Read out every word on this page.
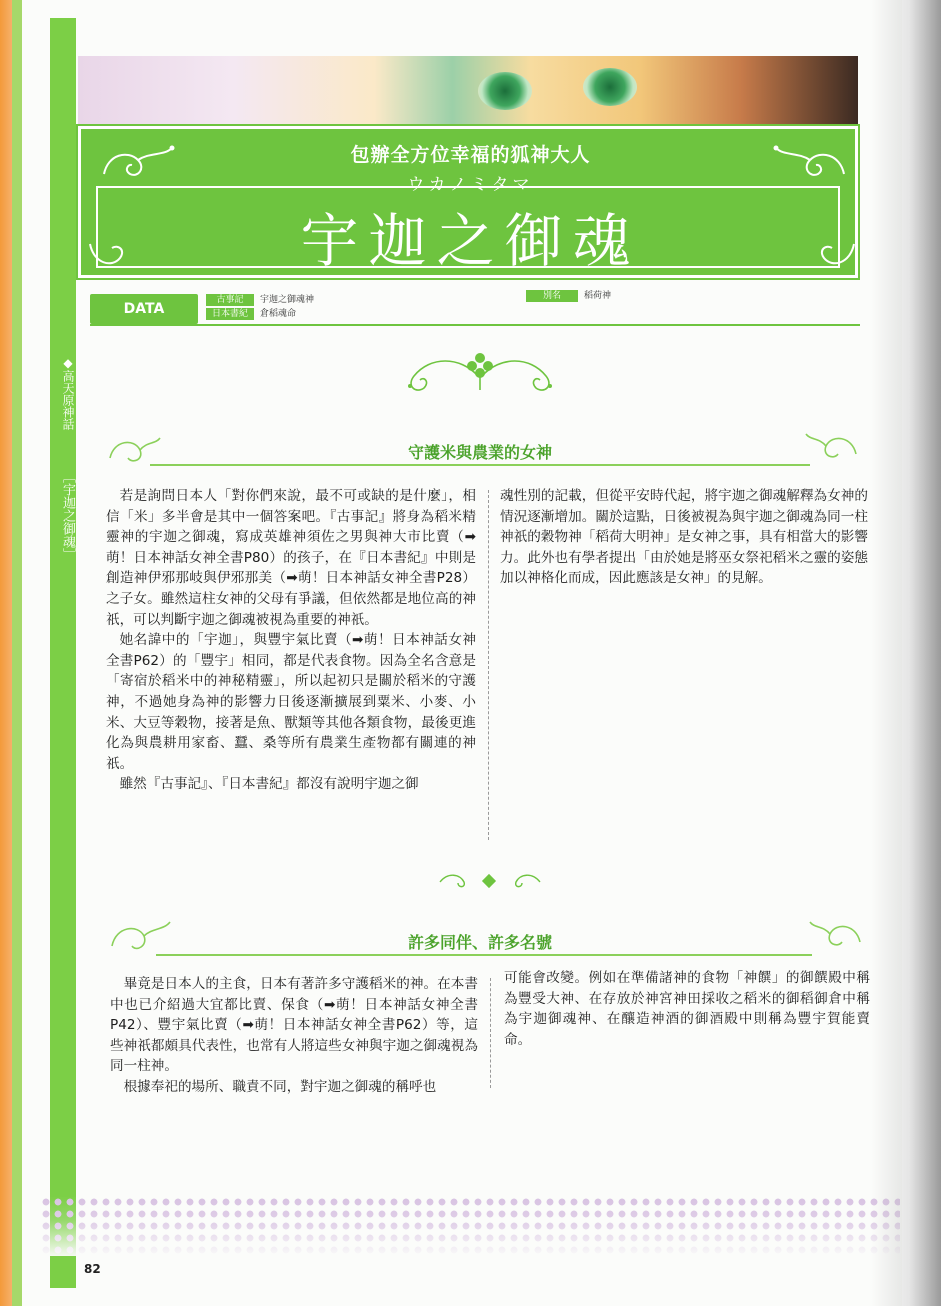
◆高天原神話
［宇迦之御魂］
包辦全方位幸福的狐神大人
ウカノミタマ
宇迦之御魂
DATA
古事記	宇迦之御魂神
日本書紀	倉稻魂命
別名	稻荷神
守護米與農業的女神

若是詢問日本人「對你們來說，最不可或缺的是什麼」，相信「米」多半會是其中一個答案吧。『古事記』將身為稻米精靈神的宇迦之御魂，寫成英雄神須佐之男與神大市比賣（➡萌！日本神話女神全書P80）的孩子，在『日本書紀』中則是創造神伊邪那岐與伊邪那美（➡萌！日本神話女神全書P28）之子女。雖然這柱女神的父母有爭議，但依然都是地位高的神祇，可以判斷宇迦之御魂被視為重要的神祇。

她名諱中的「宇迦」，與豐宇氣比賣（➡萌！日本神話女神全書P62）的「豐宇」相同，都是代表食物。因為全名含意是「寄宿於稻米中的神秘精靈」，所以起初只是關於稻米的守護神，不過她身為神的影響力日後逐漸擴展到粟米、小麥、小米、大豆等穀物，接著是魚、獸類等其他各類食物，最後更進化為與農耕用家畜、蠶、桑等所有農業生產物都有關連的神祇。

雖然『古事記』、『日本書紀』都沒有說明宇迦之御

魂性別的記載，但從平安時代起，將宇迦之御魂解釋為女神的情況逐漸增加。關於這點，日後被視為與宇迦之御魂為同一柱神祇的穀物神「稻荷大明神」是女神之事，具有相當大的影響力。此外也有學者提出「由於她是將巫女祭祀稻米之靈的姿態加以神格化而成，因此應該是女神」的見解。
許多同伴、許多名號

畢竟是日本人的主食，日本有著許多守護稻米的神。在本書中也已介紹過大宜都比賣、保食（➡萌！日本神話女神全書P42）、豐宇氣比賣（➡萌！日本神話女神全書P62）等，這些神祇都頗具代表性，也常有人將這些女神與宇迦之御魂視為同一柱神。

根據奉祀的場所、職責不同，對宇迦之御魂的稱呼也

可能會改變。例如在準備諸神的食物「神饌」的御饌殿中稱為豐受大神、在存放於神宮神田採收之稻米的御稻御倉中稱為宇迦御魂神、在釀造神酒的御酒殿中則稱為豐宇賀能賣命。
82
